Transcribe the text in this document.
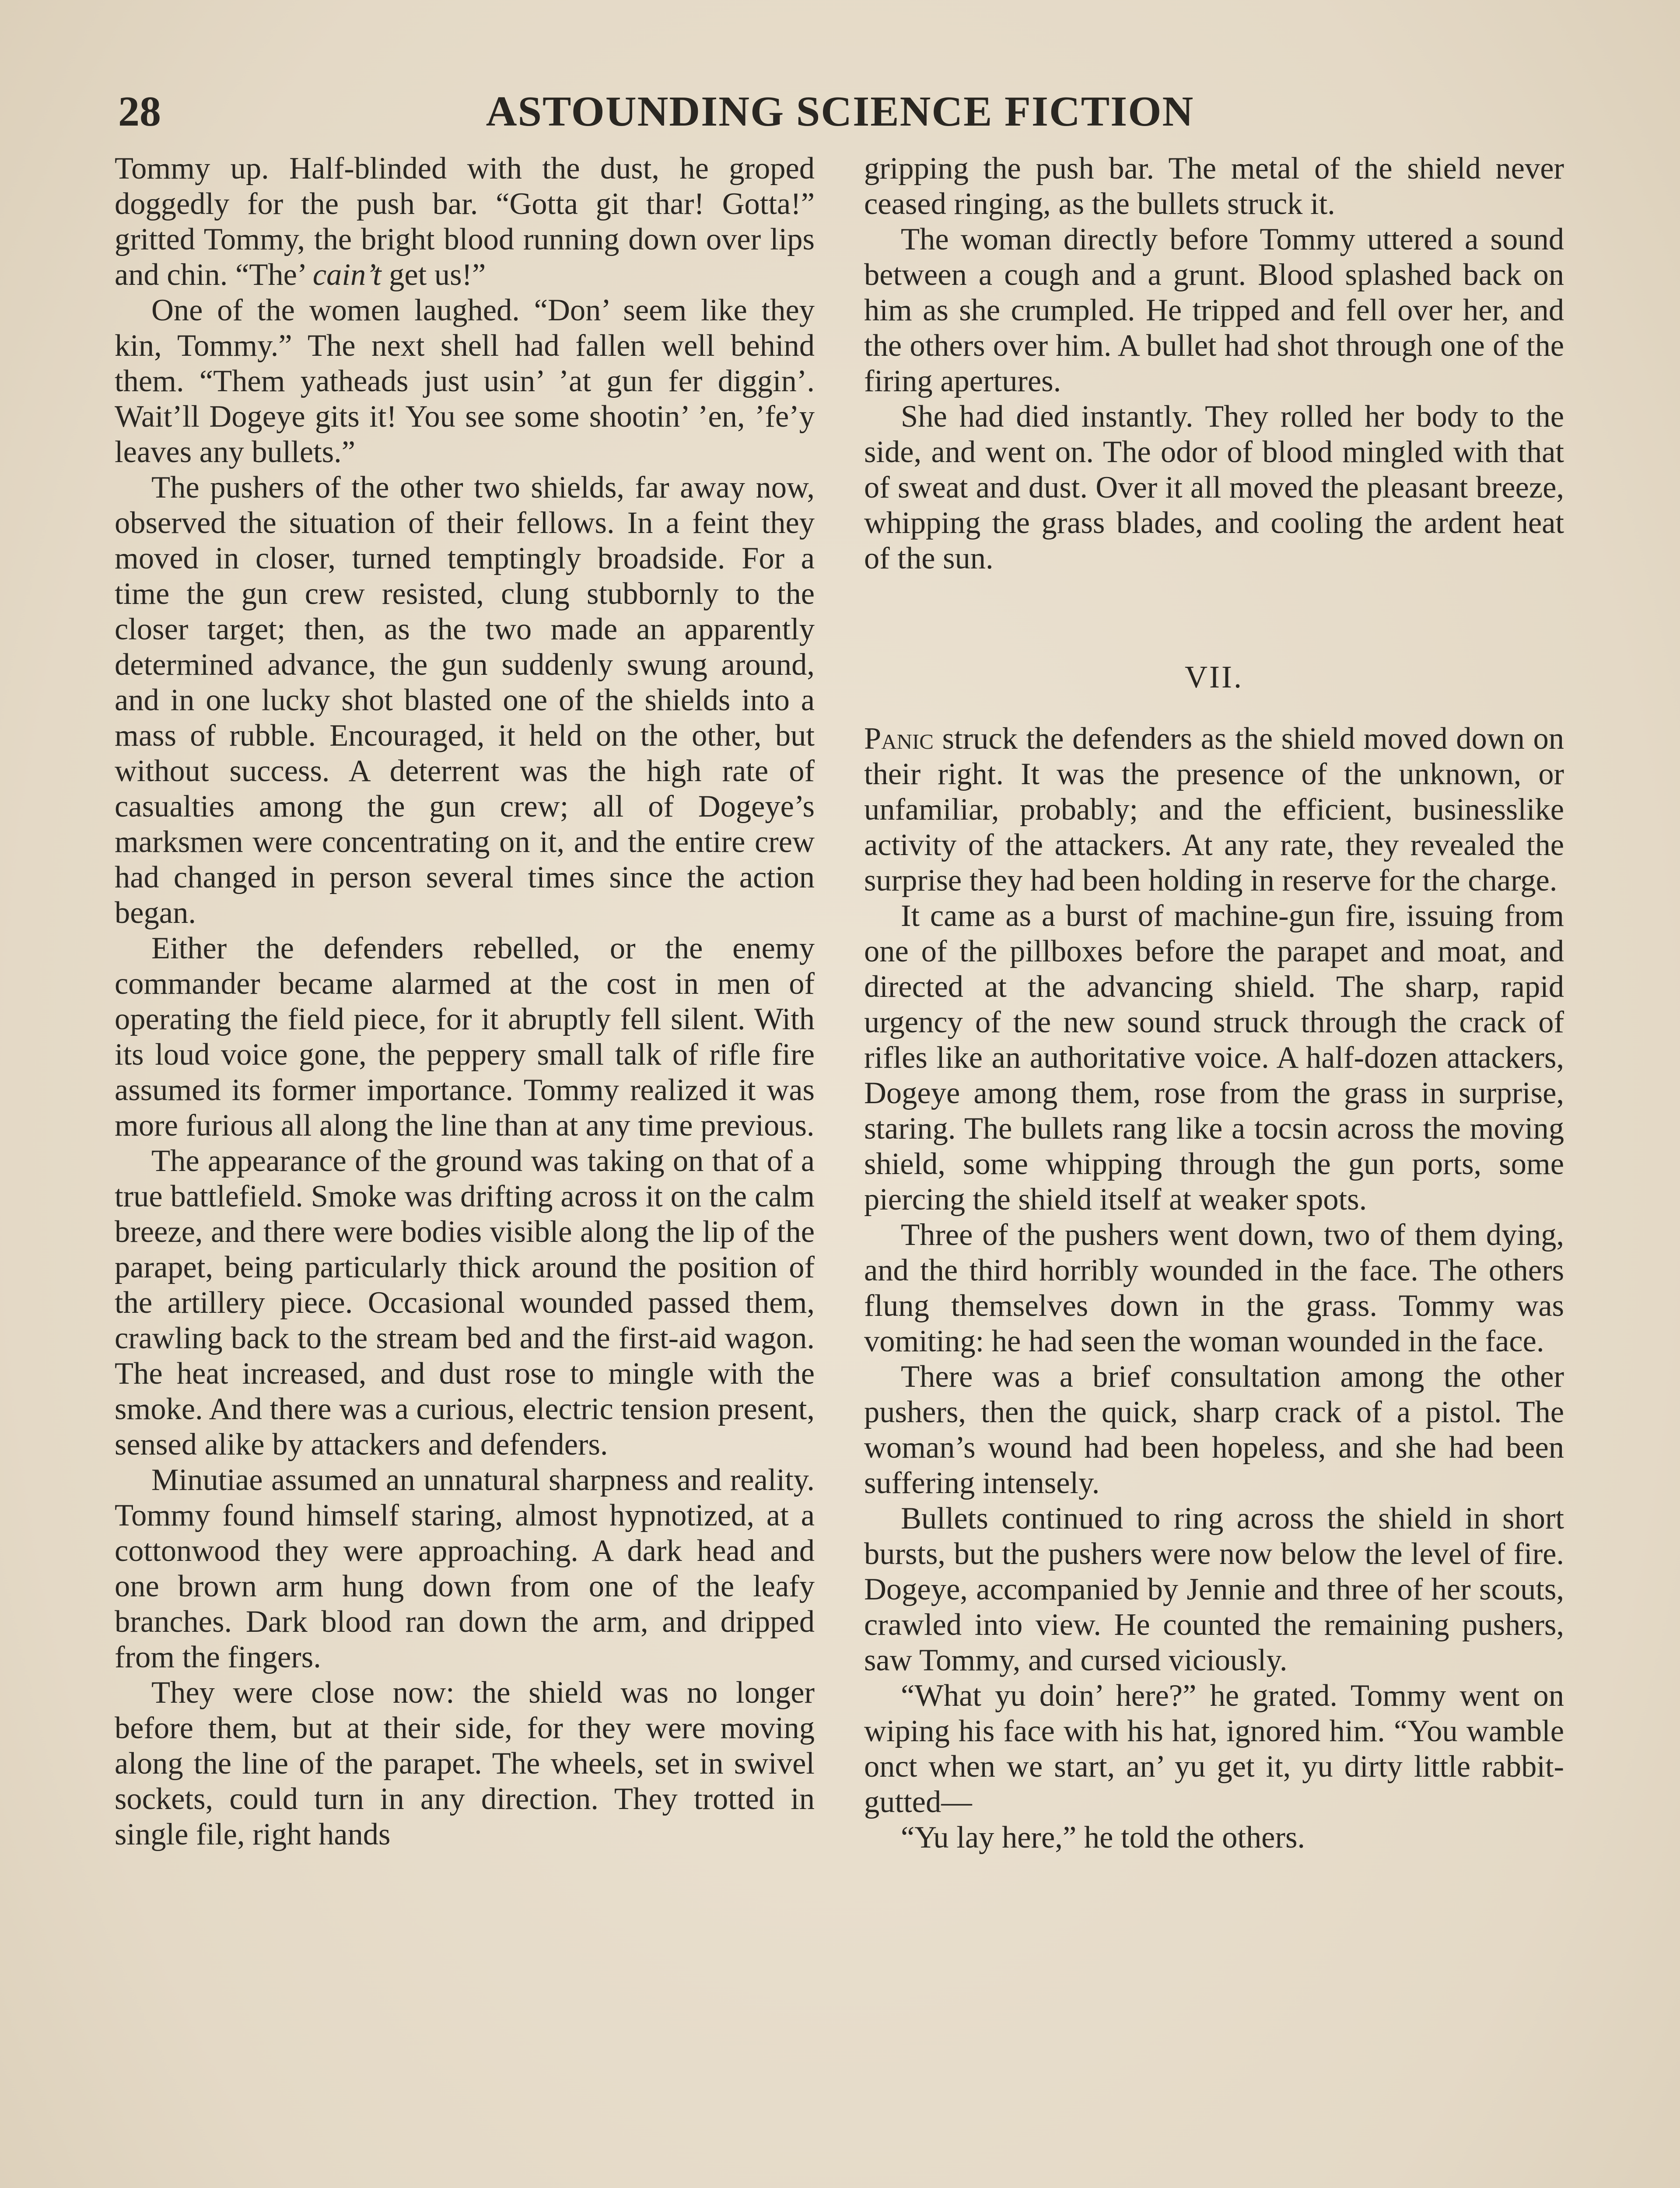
28	ASTOUNDING SCIENCE FICTION

Tommy up. Half-blinded with the dust, he groped doggedly for the push bar. “Gotta git thar! Gotta!” gritted Tommy, the bright blood running down over lips and chin. “The’ cain’t get us!”

One of the women laughed. “Don’ seem like they kin, Tommy.” The next shell had fallen well behind them. “Them yatheads just usin’ ’at gun fer diggin’. Wait’ll Dogeye gits it! You see some shootin’ ’en, ’fe’y leaves any bullets.”

The pushers of the other two shields, far away now, observed the situation of their fellows. In a feint they moved in closer, turned temptingly broadside. For a time the gun crew resisted, clung stubbornly to the closer target; then, as the two made an apparently determined advance, the gun suddenly swung around, and in one lucky shot blasted one of the shields into a mass of rubble. Encouraged, it held on the other, but without success. A deterrent was the high rate of casualties among the gun crew; all of Dogeye’s marksmen were concentrating on it, and the entire crew had changed in person several times since the action began.

Either the defenders rebelled, or the enemy commander became alarmed at the cost in men of operating the field piece, for it abruptly fell silent. With its loud voice gone, the peppery small talk of rifle fire assumed its former importance. Tommy realized it was more furious all along the line than at any time previous.

The appearance of the ground was taking on that of a true battlefield. Smoke was drifting across it on the calm breeze, and there were bodies visible along the lip of the parapet, being particularly thick around the position of the artillery piece. Occasional wounded passed them, crawling back to the stream bed and the first-aid wagon. The heat increased, and dust rose to mingle with the smoke. And there was a curious, electric tension present, sensed alike by attackers and defenders.

Minutiae assumed an unnatural sharpness and reality. Tommy found himself staring, almost hypnotized, at a cottonwood they were approaching. A dark head and one brown arm hung down from one of the leafy branches. Dark blood ran down the arm, and dripped from the fingers.

They were close now: the shield was no longer before them, but at their side, for they were moving along the line of the parapet. The wheels, set in swivel sockets, could turn in any direction. They trotted in single file, right hands

gripping the push bar. The metal of the shield never ceased ringing, as the bullets struck it.

The woman directly before Tommy uttered a sound between a cough and a grunt. Blood splashed back on him as she crumpled. He tripped and fell over her, and the others over him. A bullet had shot through one of the firing apertures.

She had died instantly. They rolled her body to the side, and went on. The odor of blood mingled with that of sweat and dust. Over it all moved the pleasant breeze, whipping the grass blades, and cooling the ardent heat of the sun.

VII.

Panic struck the defenders as the shield moved down on their right. It was the presence of the unknown, or unfamiliar, probably; and the efficient, businesslike activity of the attackers. At any rate, they revealed the surprise they had been holding in reserve for the charge.

It came as a burst of machine-gun fire, issuing from one of the pillboxes before the parapet and moat, and directed at the advancing shield. The sharp, rapid urgency of the new sound struck through the crack of rifles like an authoritative voice. A half-dozen attackers, Dogeye among them, rose from the grass in surprise, staring. The bullets rang like a tocsin across the moving shield, some whipping through the gun ports, some piercing the shield itself at weaker spots.

Three of the pushers went down, two of them dying, and the third horribly wounded in the face. The others flung themselves down in the grass. Tommy was vomiting: he had seen the woman wounded in the face.

There was a brief consultation among the other pushers, then the quick, sharp crack of a pistol. The woman’s wound had been hopeless, and she had been suffering intensely.

Bullets continued to ring across the shield in short bursts, but the pushers were now below the level of fire. Dogeye, accompanied by Jennie and three of her scouts, crawled into view. He counted the remaining pushers, saw Tommy, and cursed viciously.

“What yu doin’ here?” he grated. Tommy went on wiping his face with his hat, ignored him. “You wamble onct when we start, an’ yu get it, yu dirty little rabbit-gutted—

“Yu lay here,” he told the others.
